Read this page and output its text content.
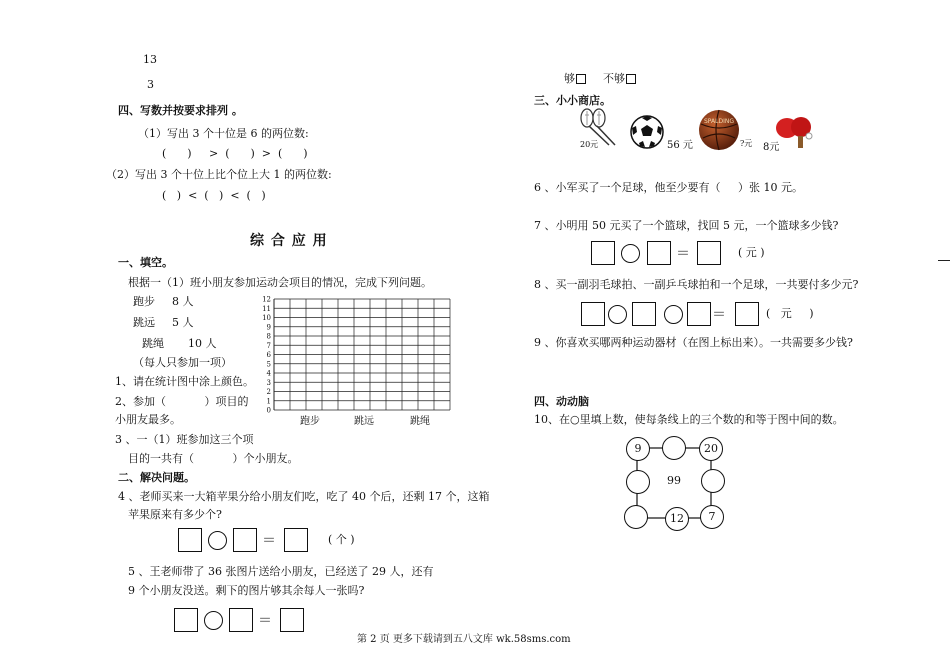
13
3
四、写数并按要求排列 。
（1）写出 3 个十位是 6 的两位数:
(      )     >  (      )  >  (      )
（2）写出 3 个十位上比个位上大 1 的两位数:
(   )  <  (   )  <  (   )
综 合 应 用
一、填空。
根据一（1）班小朋友参加运动会项目的情况，完成下列问题。
跑步 8 人
跳远 5 人
跳绳 10 人
（每人只参加一项）
1、请在统计图中涂上颜色。
2、参加（           ）项目的
小朋友最多。
3 、一（1）班参加这三个项
目的一共有（           ）个小朋友。
0
1
2
3
4
5
6
7
8
9
10
11
12
跑步	跳远	跳绳
二、解决问题。
4 、老师买来一大箱苹果分给小朋友们吃，吃了 40 个后，还剩 17 个，这箱
苹果原来有多少个?
＝	( 个 )
5 、王老师带了 36 张图片送给小朋友，已经送了 29 人，还有
9 个小朋友没送。剩下的图片够其余每人一张吗?
＝
够	不够
三、小小商店。
20元	56 元
SPALDING
?元 8元
6 、小军买了一个足球，他至少要有（     ）张 10 元。
7 、小明用 50 元买了一个篮球，找回 5 元，一个篮球多少钱?
＝	( 元 )
8 、买一副羽毛球拍、一副乒乓球拍和一个足球，一共要付多少元?
＝	(   元     )
9 、你喜欢买哪两种运动器材（在图上标出来）。一共需要多少钱?
四、动动脑
10、在○里填上数，使每条线上的三个数的和等于图中间的数。
9	20
12	7
99
第 2 页 更多下载请到五八文库 wk.58sms.com
